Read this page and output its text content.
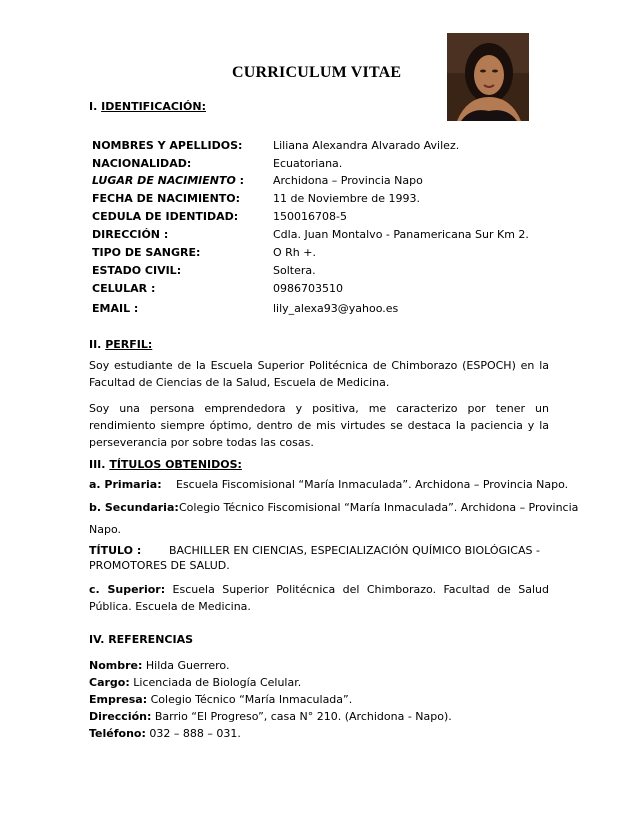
CURRICULUM VITAE
I. IDENTIFICACIÓN:
NOMBRES Y APELLIDOS:	Liliana Alexandra Alvarado Avilez.
NACIONALIDAD:	Ecuatoriana.
LUGAR DE NACIMIENTO :	Archidona – Provincia Napo
FECHA DE NACIMIENTO:	11 de Noviembre de 1993.
CEDULA DE IDENTIDAD:	150016708-5
DIRECCIÓN :	Cdla. Juan Montalvo - Panamericana Sur Km 2.
TIPO DE SANGRE:	O Rh +.
ESTADO CIVIL:	Soltera.
CELULAR :	0986703510
EMAIL :	lily_alexa93@yahoo.es
II. PERFIL:
Soy estudiante de la Escuela Superior Politécnica de Chimborazo (ESPOCH) en la Facultad de Ciencias de la Salud, Escuela de Medicina.
Soy una persona emprendedora y positiva, me caracterizo por tener un rendimiento siempre óptimo, dentro de mis virtudes se destaca la paciencia y la perseverancia por sobre todas las cosas.
III. TÍTULOS OBTENIDOS:
a. Primaria: Escuela Fiscomisional “María Inmaculada”. Archidona – Provincia Napo.
b. Secundaria: Colegio Técnico Fiscomisional “María Inmaculada”. Archidona – Provincia
Napo.
TÍTULO :	BACHILLER EN CIENCIAS, ESPECIALIZACIÓN QUÍMICO BIOLÓGICAS -
PROMOTORES DE SALUD.
c. Superior: Escuela Superior Politécnica del Chimborazo. Facultad de Salud Pública. Escuela de Medicina.
IV. REFERENCIAS
Nombre: Hilda Guerrero.
Cargo: Licenciada de Biología Celular.
Empresa: Colegio Técnico “María Inmaculada”.
Dirección: Barrio “El Progreso”, casa N° 210. (Archidona - Napo).
Teléfono: 032 – 888 – 031.
